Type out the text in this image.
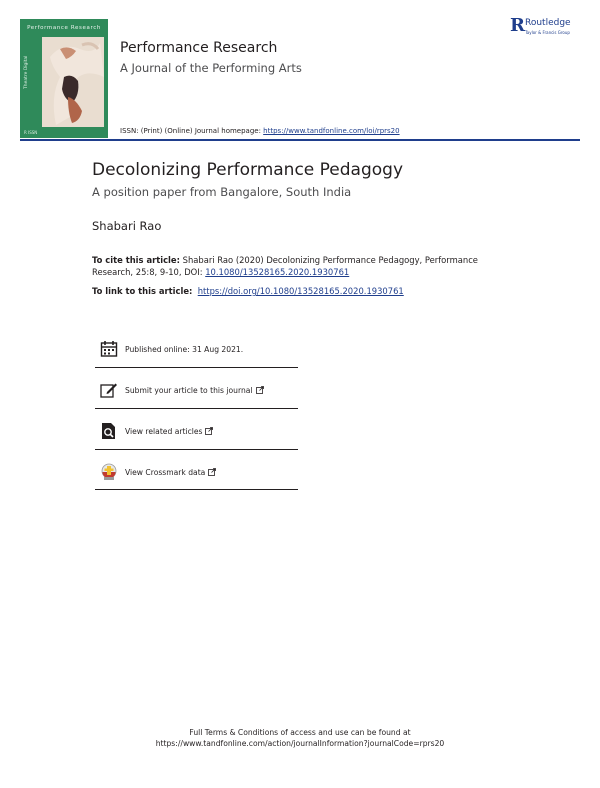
Performance Research
Theatre Digital
R ISSN
Performance Research
A Journal of the Performing Arts
ISSN: (Print) (Online) Journal homepage: https://www.tandfonline.com/loi/rprs20
R Routledge
Taylor & Francis Group
Decolonizing Performance Pedagogy
A position paper from Bangalore, South India
Shabari Rao
To cite this article: Shabari Rao (2020) Decolonizing Performance Pedagogy, Performance Research, 25:8, 9-10, DOI: 10.1080/13528165.2020.1930761
To link to this article: https://doi.org/10.1080/13528165.2020.1930761
Published online: 31 Aug 2021.
Submit your article to this journal
View related articles
View Crossmark data
Full Terms & Conditions of access and use can be found at
https://www.tandfonline.com/action/journalInformation?journalCode=rprs20
